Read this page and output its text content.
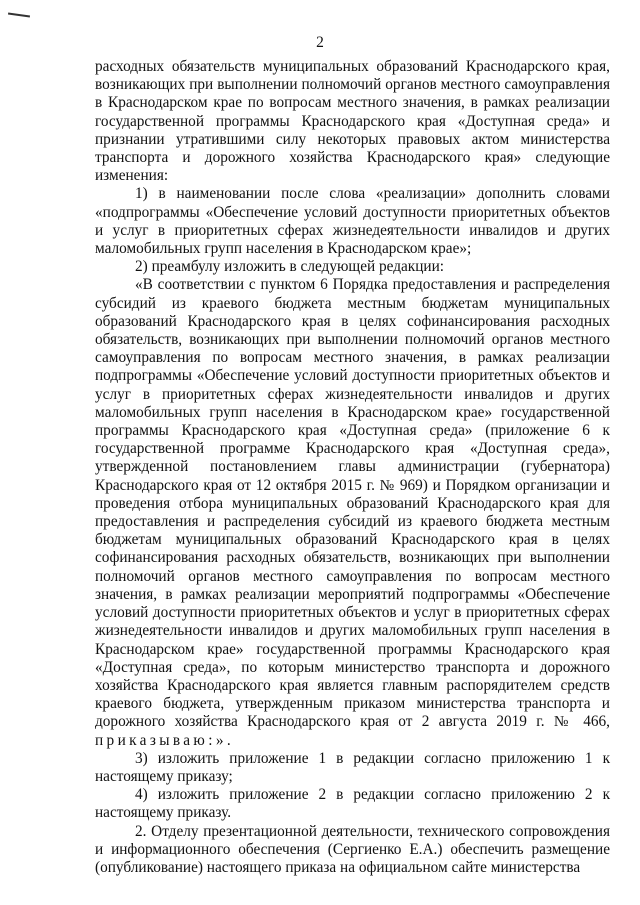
2

расходных обязательств муниципальных образований Краснодарского края, возникающих при выполнении полномочий органов местного самоуправления в Краснодарском крае по вопросам местного значения, в рамках реализации государственной программы Краснодарского края «Доступная среда» и признании утратившими силу некоторых правовых актом министерства транспорта и дорожного хозяйства Краснодарского края» следующие изменения:

1) в наименовании после слова «реализации» дополнить словами «подпрограммы «Обеспечение условий доступности приоритетных объектов и услуг в приоритетных сферах жизнедеятельности инвалидов и других маломобильных групп населения в Краснодарском крае»;

2) преамбулу изложить в следующей редакции:

«В соответствии с пунктом 6 Порядка предоставления и распределения субсидий из краевого бюджета местным бюджетам муниципальных образований Краснодарского края в целях софинансирования расходных обязательств, возникающих при выполнении полномочий органов местного самоуправления по вопросам местного значения, в рамках реализации подпрограммы «Обеспечение условий доступности приоритетных объектов и услуг в приоритетных сферах жизнедеятельности инвалидов и других маломобильных групп населения в Краснодарском крае» государственной программы Краснодарского края «Доступная среда» (приложение 6 к государственной программе Краснодарского края «Доступная среда», утвержденной постановлением главы администрации (губернатора) Краснодарского края от 12 октября 2015 г. № 969) и Порядком организации и проведения отбора муниципальных образований Краснодарского края для предоставления и распределения субсидий из краевого бюджета местным бюджетам муниципальных образований Краснодарского края в целях софинансирования расходных обязательств, возникающих при выполнении полномочий органов местного самоуправления по вопросам местного значения, в рамках реализации мероприятий подпрограммы «Обеспечение условий доступности приоритетных объектов и услуг в приоритетных сферах жизнедеятельности инвалидов и других маломобильных групп населения в Краснодарском крае» государственной программы Краснодарского края «Доступная среда», по которым министерство транспорта и дорожного хозяйства Краснодарского края является главным распорядителем средств краевого бюджета, утвержденным приказом министерства транспорта и дорожного хозяйства Краснодарского края от 2 августа 2019 г. № 466, приказываю:».

3) изложить приложение 1 в редакции согласно приложению 1 к настоящему приказу;

4) изложить приложение 2 в редакции согласно приложению 2 к настоящему приказу.

2. Отделу презентационной деятельности, технического сопровождения и информационного обеспечения (Сергиенко Е.А.) обеспечить размещение (опубликование) настоящего приказа на официальном сайте министерства
